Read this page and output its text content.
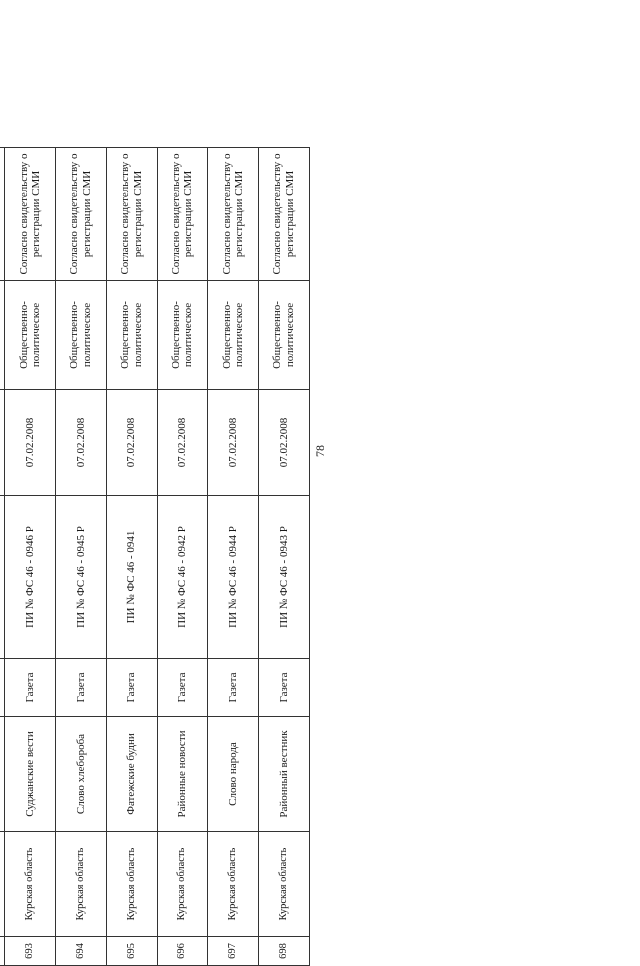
78

693	Курская область	Суджанские вести	Газета	ПИ № ФС 46 - 0946 Р	07.02.2008	Общественно-политическое	Согласно свидетельству о регистрации СМИ
694	Курская область	Слово хлебороба	Газета	ПИ № ФС 46 - 0945 Р	07.02.2008	Общественно-политическое	Согласно свидетельству о регистрации СМИ
695	Курская область	Фатежские будни	Газета	ПИ № ФС 46 - 0941	07.02.2008	Общественно-политическое	Согласно свидетельству о регистрации СМИ
696	Курская область	Районные новости	Газета	ПИ № ФС 46 - 0942 Р	07.02.2008	Общественно-политическое	Согласно свидетельству о регистрации СМИ
697	Курская область	Слово народа	Газета	ПИ № ФС 46 - 0944 Р	07.02.2008	Общественно-политическое	Согласно свидетельству о регистрации СМИ
698	Курская область	Районный вестник	Газета	ПИ № ФС 46 - 0943 Р	07.02.2008	Общественно-политическое	Согласно свидетельству о регистрации СМИ
